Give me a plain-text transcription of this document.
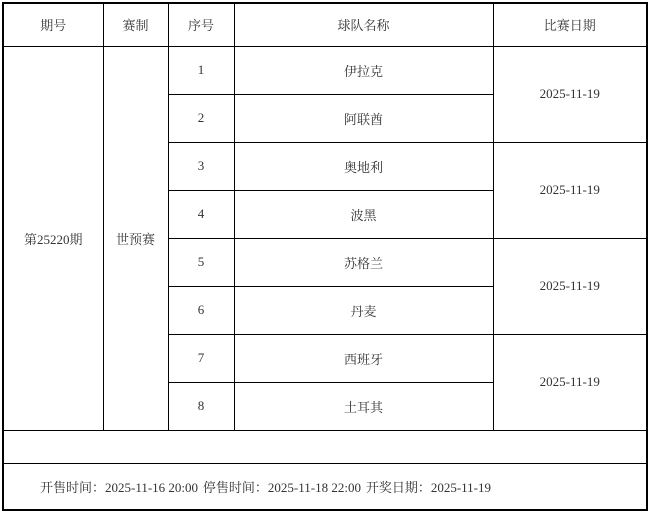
期号	赛制	序号	球队名称	比赛日期
第25220期	世预赛	1	伊拉克	2025-11-19
		2	阿联酋	
		3	奥地利	2025-11-19
		4	波黑	
		5	苏格兰	2025-11-19
		6	丹麦	
		7	西班牙	2025-11-19
		8	土耳其	

开售时间：2025-11-16 20:00 停售时间：2025-11-18 22:00 开奖日期：2025-11-19				
